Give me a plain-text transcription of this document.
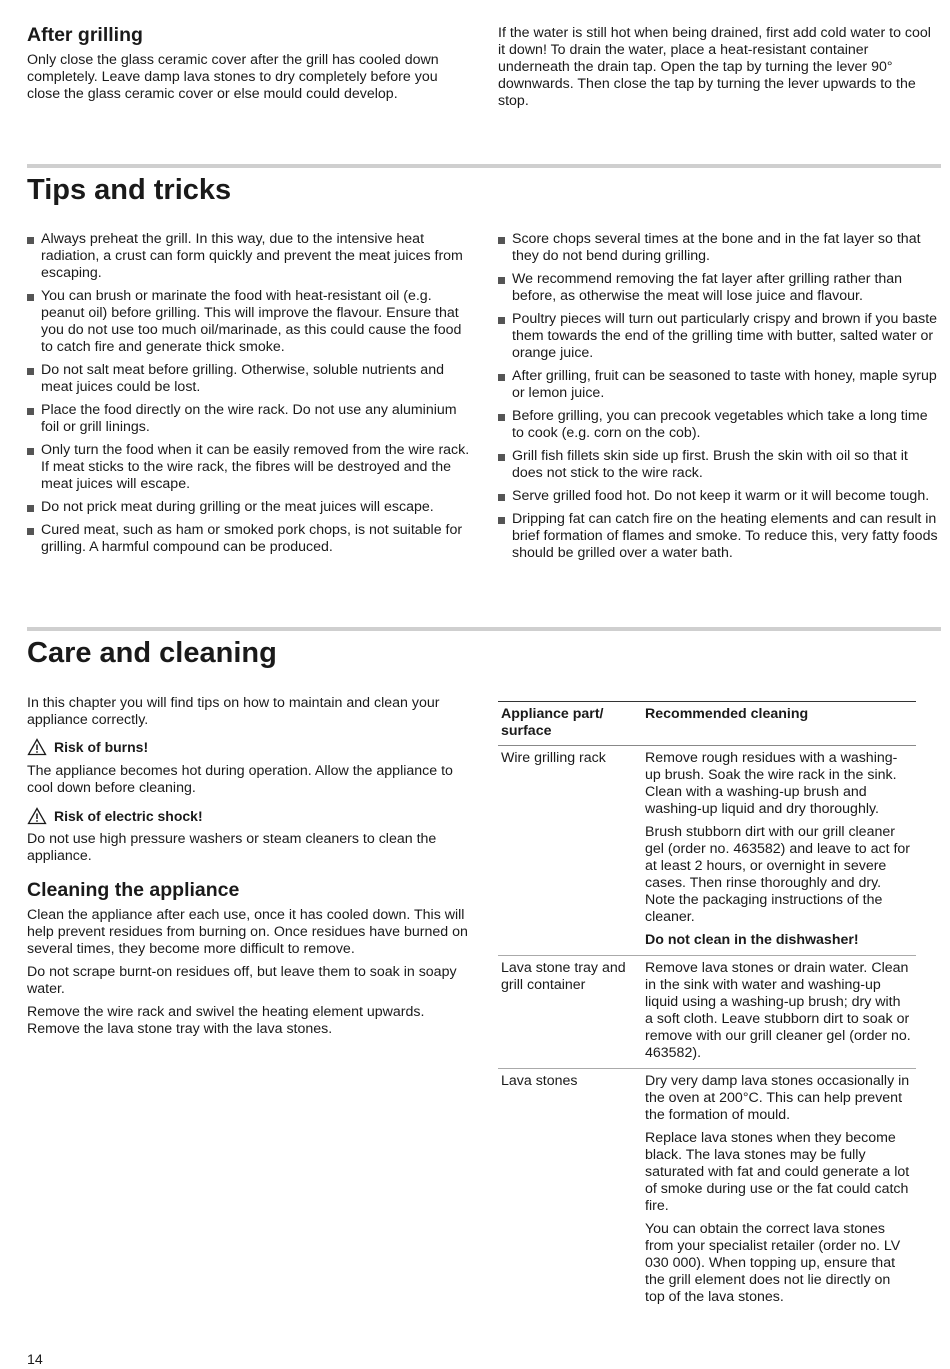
After grilling

Only close the glass ceramic cover after the grill has cooled down completely. Leave damp lava stones to dry completely before you close the glass ceramic cover or else mould could develop.

If the water is still hot when being drained, first add cold water to cool it down! To drain the water, place a heat-resistant container underneath the drain tap. Open the tap by turning the lever 90° downwards. Then close the tap by turning the lever upwards to the stop.

Tips and tricks
Always preheat the grill. In this way, due to the intensive heat radiation, a crust can form quickly and prevent the meat juices from escaping.
You can brush or marinate the food with heat-resistant oil (e.g. peanut oil) before grilling. This will improve the flavour. Ensure that you do not use too much oil/marinade, as this could cause the food to catch fire and generate thick smoke.
Do not salt meat before grilling. Otherwise, soluble nutrients and meat juices could be lost.
Place the food directly on the wire rack. Do not use any aluminium foil or grill linings.
Only turn the food when it can be easily removed from the wire rack. If meat sticks to the wire rack, the fibres will be destroyed and the meat juices will escape.
Do not prick meat during grilling or the meat juices will escape.
Cured meat, such as ham or smoked pork chops, is not suitable for grilling. A harmful compound can be produced.
Score chops several times at the bone and in the fat layer so that they do not bend during grilling.
We recommend removing the fat layer after grilling rather than before, as otherwise the meat will lose juice and flavour.
Poultry pieces will turn out particularly crispy and brown if you baste them towards the end of the grilling time with butter, salted water or orange juice.
After grilling, fruit can be seasoned to taste with honey, maple syrup or lemon juice.
Before grilling, you can precook vegetables which take a long time to cook (e.g. corn on the cob).
Grill fish fillets skin side up first. Brush the skin with oil so that it does not stick to the wire rack.
Serve grilled food hot. Do not keep it warm or it will become tough.
Dripping fat can catch fire on the heating elements and can result in brief formation of flames and smoke. To reduce this, very fatty foods should be grilled over a water bath.
Care and cleaning

In this chapter you will find tips on how to maintain and clean your appliance correctly.

Risk of burns!

The appliance becomes hot during operation. Allow the appliance to cool down before cleaning.

Risk of electric shock!

Do not use high pressure washers or steam cleaners to clean the appliance.

Cleaning the appliance

Clean the appliance after each use, once it has cooled down. This will help prevent residues from burning on. Once residues have burned on several times, they become more difficult to remove.

Do not scrape burnt-on residues off, but leave them to soak in soapy water.

Remove the wire rack and swivel the heating element upwards. Remove the lava stone tray with the lava stones.

Appliance part/ surface	Recommended cleaning
Wire grilling rack	Remove rough residues with a washing-up brush. Soak the wire rack in the sink. Clean with a washing-up brush and washing-up liquid and dry thoroughly.

Brush stubborn dirt with our grill cleaner gel (order no. 463582) and leave to act for at least 2 hours, or overnight in severe cases. Then rinse thoroughly and dry. Note the packaging instructions of the cleaner.

Do not clean in the dishwasher!

Lava stone tray and grill container	Remove lava stones or drain water. Clean in the sink with water and washing-up liquid using a washing-up brush; dry with a soft cloth. Leave stubborn dirt to soak or remove with our grill cleaner gel (order no. 463582).

Lava stones	Dry very damp lava stones occasionally in the oven at 200°C. This can help prevent the formation of mould.

Replace lava stones when they become black. The lava stones may be fully saturated with fat and could generate a lot of smoke during use or the fat could catch fire.

You can obtain the correct lava stones from your specialist retailer (order no. LV 030 000). When topping up, ensure that the grill element does not lie directly on top of the lava stones.

14
